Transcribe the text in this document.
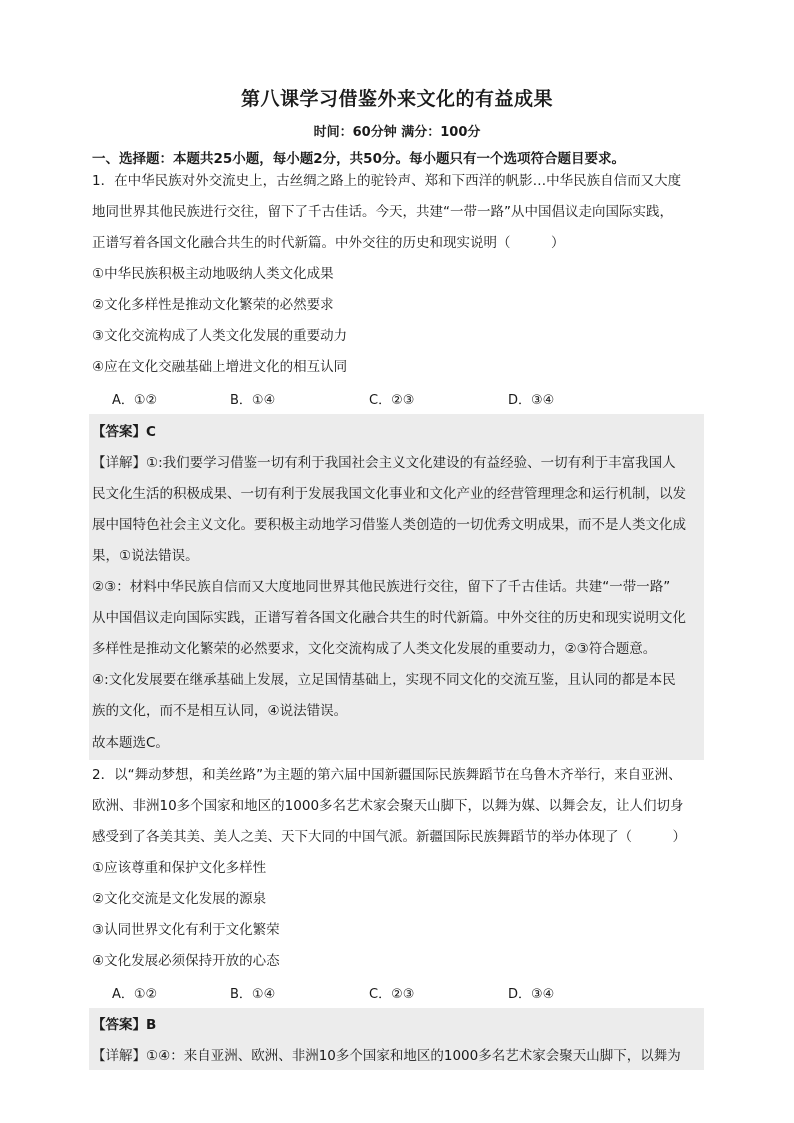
第八课学习借鉴外来文化的有益成果
时间：60分钟 满分：100分
一、选择题：本题共25小题，每小题2分，共50分。每小题只有一个选项符合题目要求。
1．在中华民族对外交流史上，古丝绸之路上的驼铃声、郑和下西洋的帆影…中华民族自信而又大度
地同世界其他民族进行交往，留下了千古佳话。今天，共建“一带一路”从中国倡议走向国际实践，
正谱写着各国文化融合共生的时代新篇。中外交往的历史和现实说明（　　　）
①中华民族积极主动地吸纳人类文化成果
②文化多样性是推动文化繁荣的必然要求
③文化交流构成了人类文化发展的重要动力
④应在文化交融基础上增进文化的相互认同
A．①②	B．①④	C．②③	D．③④
【答案】C
【详解】①:我们要学习借鉴一切有利于我国社会主义文化建设的有益经验、一切有利于丰富我国人
民文化生活的积极成果、一切有利于发展我国文化事业和文化产业的经营管理理念和运行机制，以发
展中国特色社会主义文化。要积极主动地学习借鉴人类创造的一切优秀文明成果，而不是人类文化成
果，①说法错误。
②③：材料中华民族自信而又大度地同世界其他民族进行交往，留下了千古佳话。共建“一带一路”
从中国倡议走向国际实践，正谱写着各国文化融合共生的时代新篇。中外交往的历史和现实说明文化
多样性是推动文化繁荣的必然要求，文化交流构成了人类文化发展的重要动力，②③符合题意。
④:文化发展要在继承基础上发展，立足国情基础上，实现不同文化的交流互鉴，且认同的都是本民
族的文化，而不是相互认同，④说法错误。
故本题选C。
2．以“舞动梦想，和美丝路”为主题的第六届中国新疆国际民族舞蹈节在乌鲁木齐举行，来自亚洲、
欧洲、非洲10多个国家和地区的1000多名艺术家会聚天山脚下，以舞为媒、以舞会友，让人们切身
感受到了各美其美、美人之美、天下大同的中国气派。新疆国际民族舞蹈节的举办体现了（　　　）
①应该尊重和保护文化多样性
②文化交流是文化发展的源泉
③认同世界文化有利于文化繁荣
④文化发展必须保持开放的心态
A．①②	B．①④	C．②③	D．③④
【答案】B
【详解】①④：来自亚洲、欧洲、非洲10多个国家和地区的1000多名艺术家会聚天山脚下，以舞为
